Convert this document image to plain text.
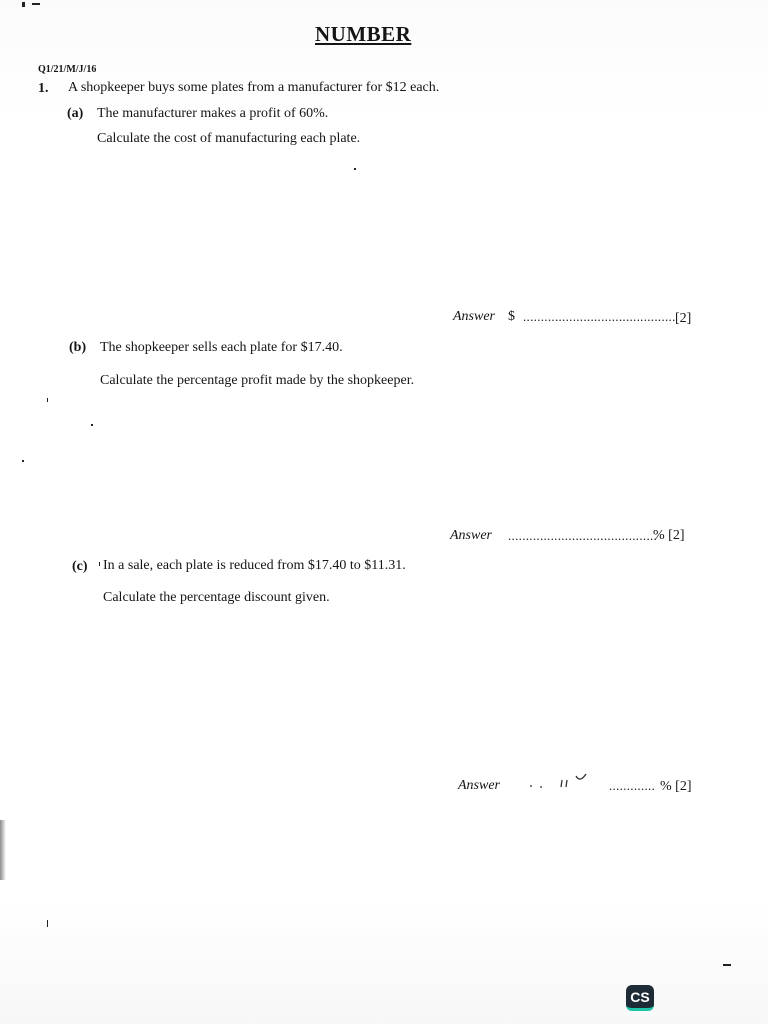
NUMBER
Q1/21/M/J/16
1. A shopkeeper buys some plates from a manufacturer for $12 each.
(a) The manufacturer makes a profit of 60%.
Calculate the cost of manufacturing each plate.
Answer $ ........................................... [2]
(b) The shopkeeper sells each plate for $17.40.
Calculate the percentage profit made by the shopkeeper.
Answer ..........................................
% [2]
(c) In a sale, each plate is reduced from $17.40 to $11.31.
Calculate the percentage discount given.
Answer	............. % [2]
CS
